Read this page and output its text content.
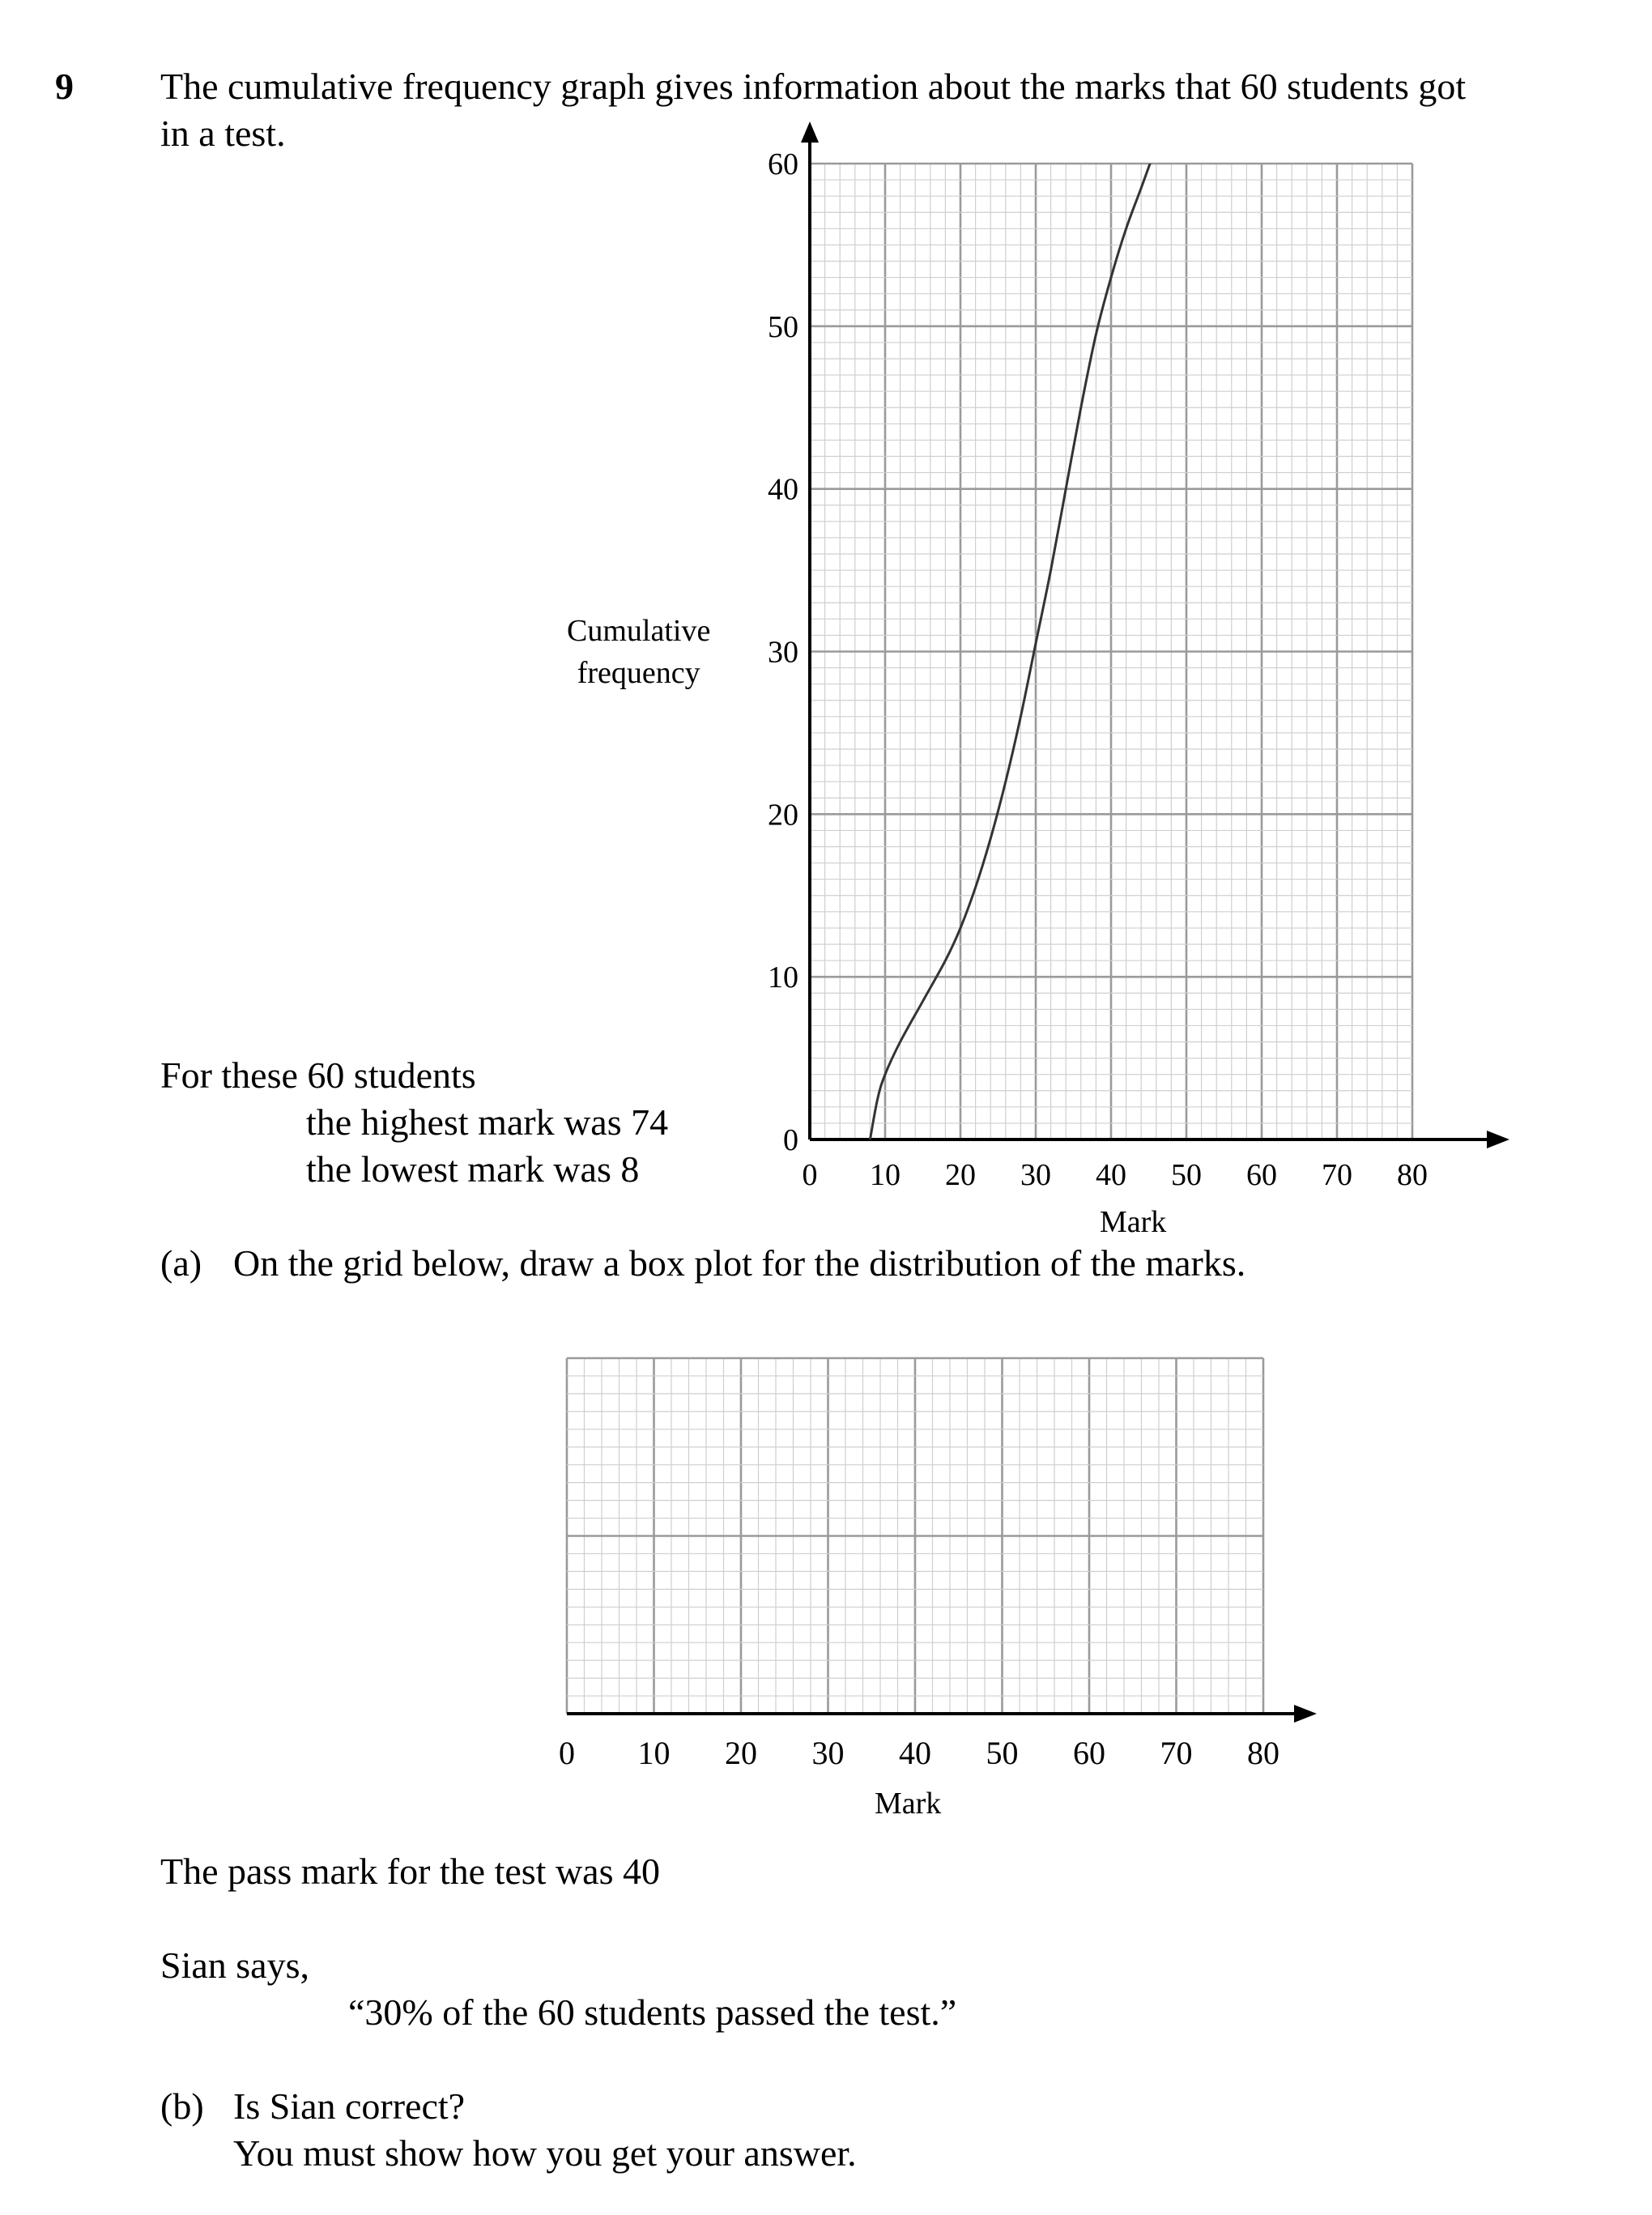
9 The cumulative frequency graph gives information about the marks that 60 students got
in a test.
0 10 20 30 40 50 60 70 80
0
10
20
30
40
50
60
Cumulative
frequency
Mark
For these 60 students
the highest mark was 74
the lowest mark was 8
(a) On the grid below, draw a box plot for the distribution of the marks.
0 10 20 30 40 50 60 70 80
Mark
The pass mark for the test was 40
Sian says,
“30% of the 60 students passed the test.”
(b) Is Sian correct?
You must show how you get your answer.
